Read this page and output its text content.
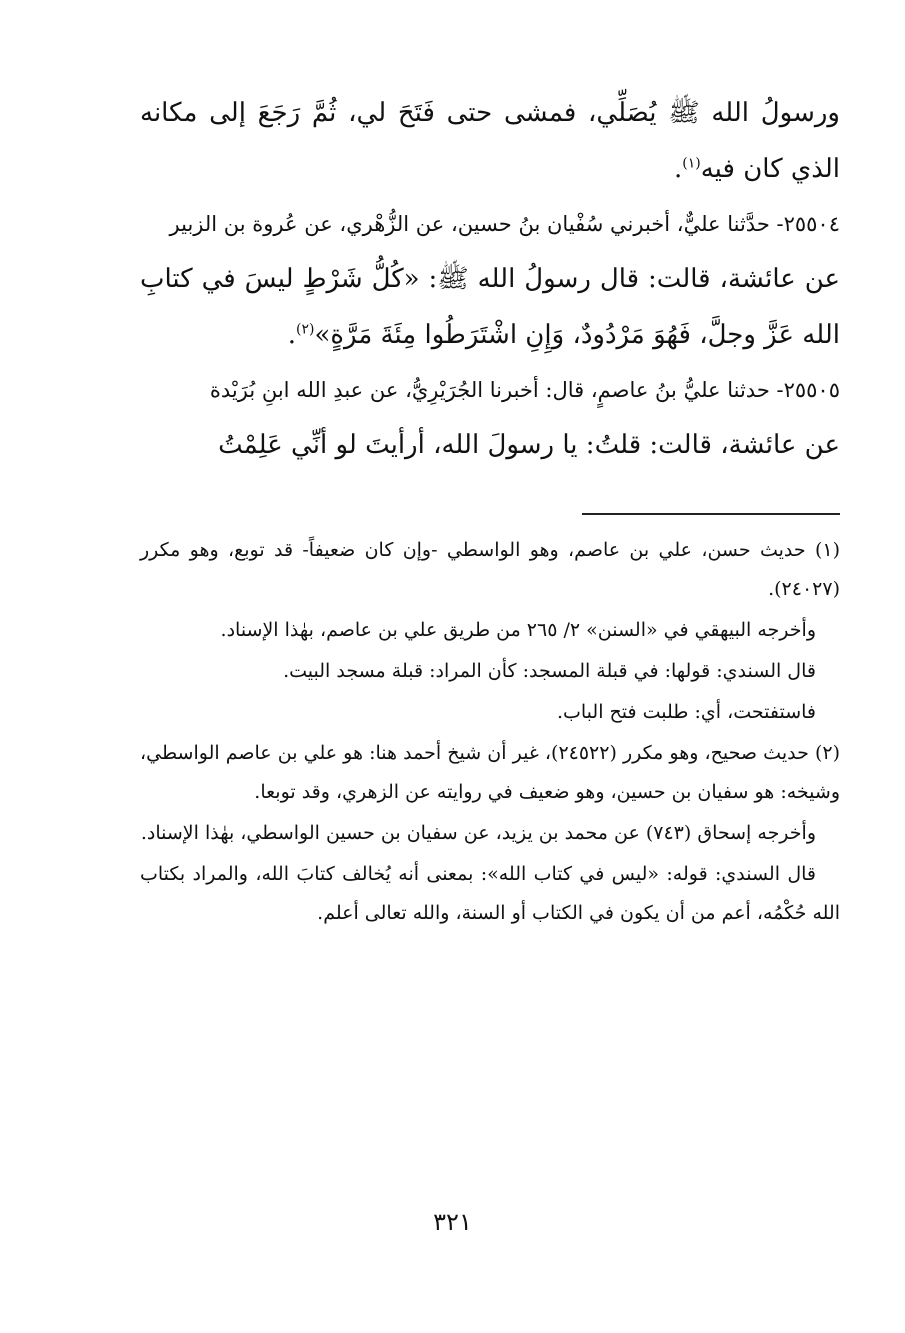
ورسولُ الله ﷺ يُصَلِّي، فمشى حتى فَتَحَ لي، ثُمَّ رَجَعَ إلى مكانه الذي كان فيه$^{(١)}$.

٢٥٥٠٤- حدَّثنا عليٌّ، أخبرني سُفْيان بنُ حسين، عن الزُّهْري، عن عُروة بن الزبير

عن عائشة، قالت: قال رسولُ الله ﷺ: «كُلُّ شَرْطٍ ليسَ في كتابِ الله عَزَّ وجلَّ، فَهُوَ مَرْدُودٌ، وَإِنِ اشْتَرَطُوا مِئَةَ مَرَّةٍ»$^{(٢)}$.

٢٥٥٠٥- حدثنا عليُّ بنُ عاصمٍ، قال: أخبرنا الجُرَيْرِيُّ، عن عبدِ الله ابنِ بُرَيْدة

عن عائشة، قالت: قلتُ: يا رسولَ الله، أرأيتَ لو أنِّي عَلِمْتُ

(١) حديث حسن، علي بن عاصم، وهو الواسطي -وإن كان ضعيفاً- قد توبع، وهو مكرر (٢٤٠٢٧).

وأخرجه البيهقي في «السنن» ٢/ ٢٦٥ من طريق علي بن عاصم، بهٰذا الإسناد.

قال السندي: قولها: في قبلة المسجد: كأن المراد: قبلة مسجد البيت.

فاستفتحت، أي: طلبت فتح الباب.

(٢) حديث صحيح، وهو مكرر (٢٤٥٢٢)، غير أن شيخ أحمد هنا: هو علي بن عاصم الواسطي، وشيخه: هو سفيان بن حسين، وهو ضعيف في روايته عن الزهري، وقد توبعا.

وأخرجه إسحاق (٧٤٣) عن محمد بن يزيد، عن سفيان بن حسين الواسطي، بهٰذا الإسناد.

قال السندي: قوله: «ليس في كتاب الله»: بمعنى أنه يُخالف كتابَ الله، والمراد بكتاب الله حُكْمُه، أعم من أن يكون في الكتاب أو السنة، والله تعالى أعلم.

٣٢١
